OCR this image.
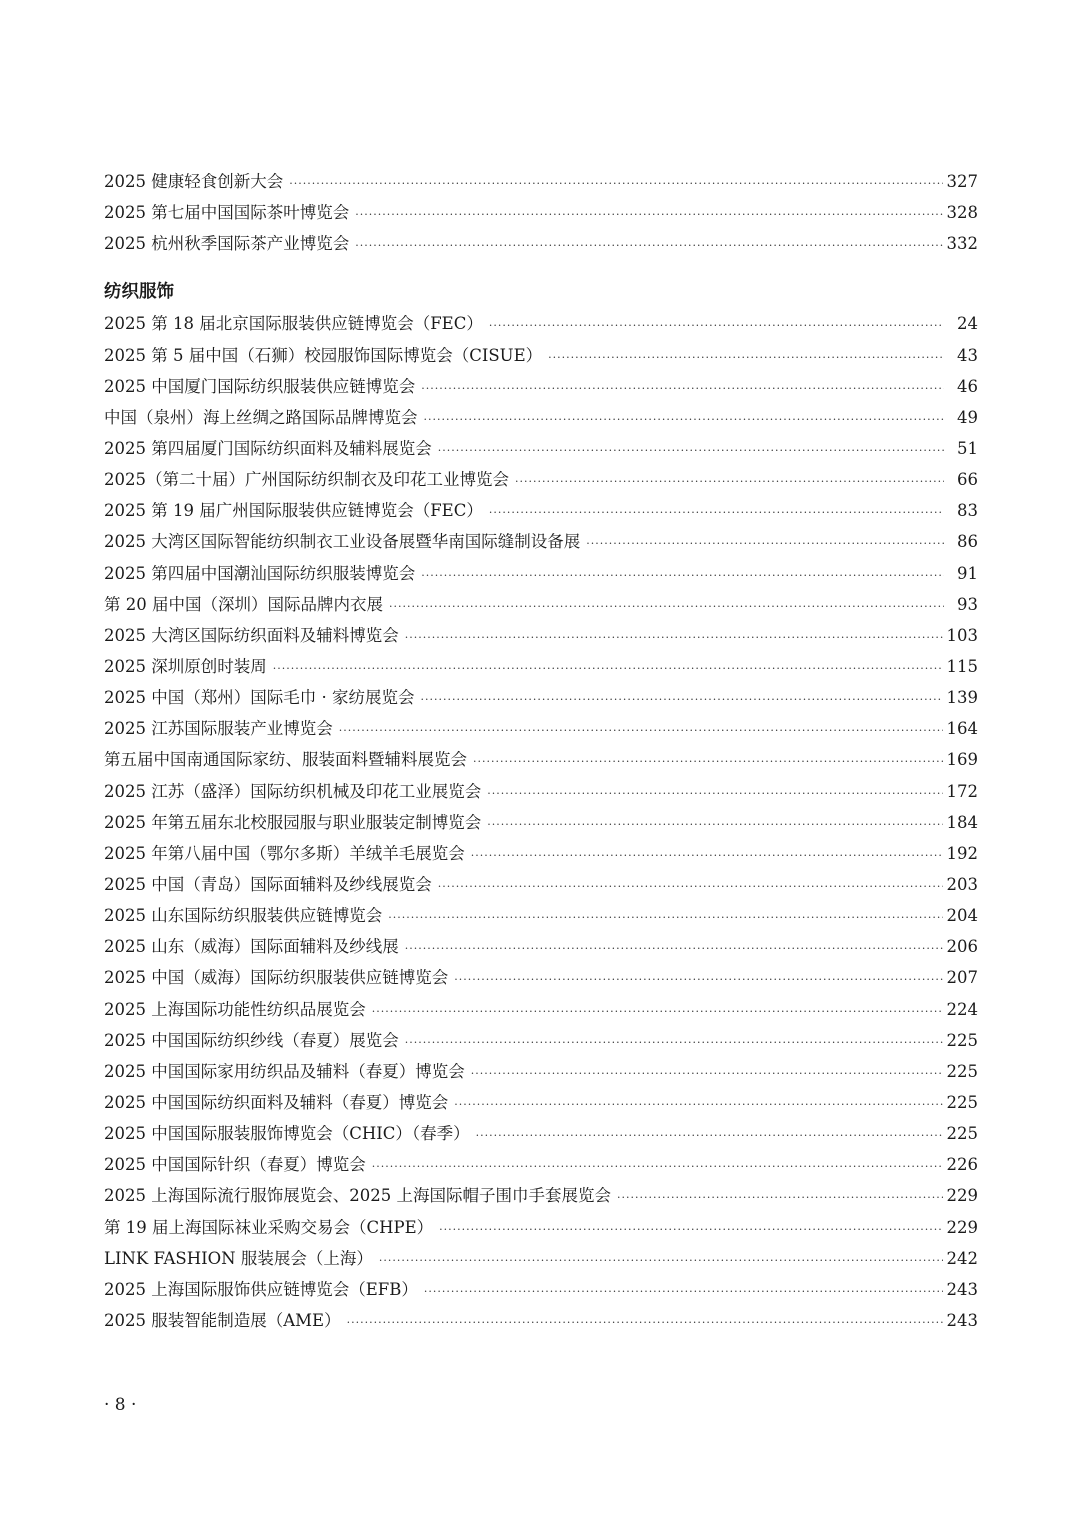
2025 健康轻食创新大会 ·····	327
2025 第七届中国国际茶叶博览会 ·····	328
2025 杭州秋季国际茶产业博览会 ·····	332
纺织服饰
2025 第 18 届北京国际服装供应链博览会（FEC） ·····	24
2025 第 5 届中国（石狮）校园服饰国际博览会（CISUE） ·····	43
2025 中国厦门国际纺织服装供应链博览会 ·····	46
中国（泉州）海上丝绸之路国际品牌博览会 ·····	49
2025 第四届厦门国际纺织面料及辅料展览会 ·····	51
2025（第二十届）广州国际纺织制衣及印花工业博览会 ·····	66
2025 第 19 届广州国际服装供应链博览会（FEC） ·····	83
2025 大湾区国际智能纺织制衣工业设备展暨华南国际缝制设备展 ·····	86
2025 第四届中国潮汕国际纺织服装博览会 ·····	91
第 20 届中国（深圳）国际品牌内衣展 ·····	93
2025 大湾区国际纺织面料及辅料博览会 ·····	103
2025 深圳原创时装周 ·····	115
2025 中国（郑州）国际毛巾 · 家纺展览会 ·····	139
2025 江苏国际服装产业博览会 ·····	164
第五届中国南通国际家纺、服装面料暨辅料展览会 ·····	169
2025 江苏（盛泽）国际纺织机械及印花工业展览会 ·····	172
2025 年第五届东北校服园服与职业服装定制博览会 ·····	184
2025 年第八届中国（鄂尔多斯）羊绒羊毛展览会 ·····	192
2025 中国（青岛）国际面辅料及纱线展览会 ·····	203
2025 山东国际纺织服装供应链博览会 ·····	204
2025 山东（威海）国际面辅料及纱线展 ·····	206
2025 中国（威海）国际纺织服装供应链博览会 ·····	207
2025 上海国际功能性纺织品展览会 ·····	224
2025 中国国际纺织纱线（春夏）展览会 ·····	225
2025 中国国际家用纺织品及辅料（春夏）博览会 ·····	225
2025 中国国际纺织面料及辅料（春夏）博览会 ·····	225
2025 中国国际服装服饰博览会（CHIC）（春季） ·····	225
2025 中国国际针织（春夏）博览会 ·····	226
2025 上海国际流行服饰展览会、2025 上海国际帽子围巾手套展览会 ·····	229
第 19 届上海国际袜业采购交易会（CHPE） ·····	229
LINK FASHION 服装展会（上海） ·····	242
2025 上海国际服饰供应链博览会（EFB） ·····	243
2025 服装智能制造展（AME） ·····	243
· 8 ·
